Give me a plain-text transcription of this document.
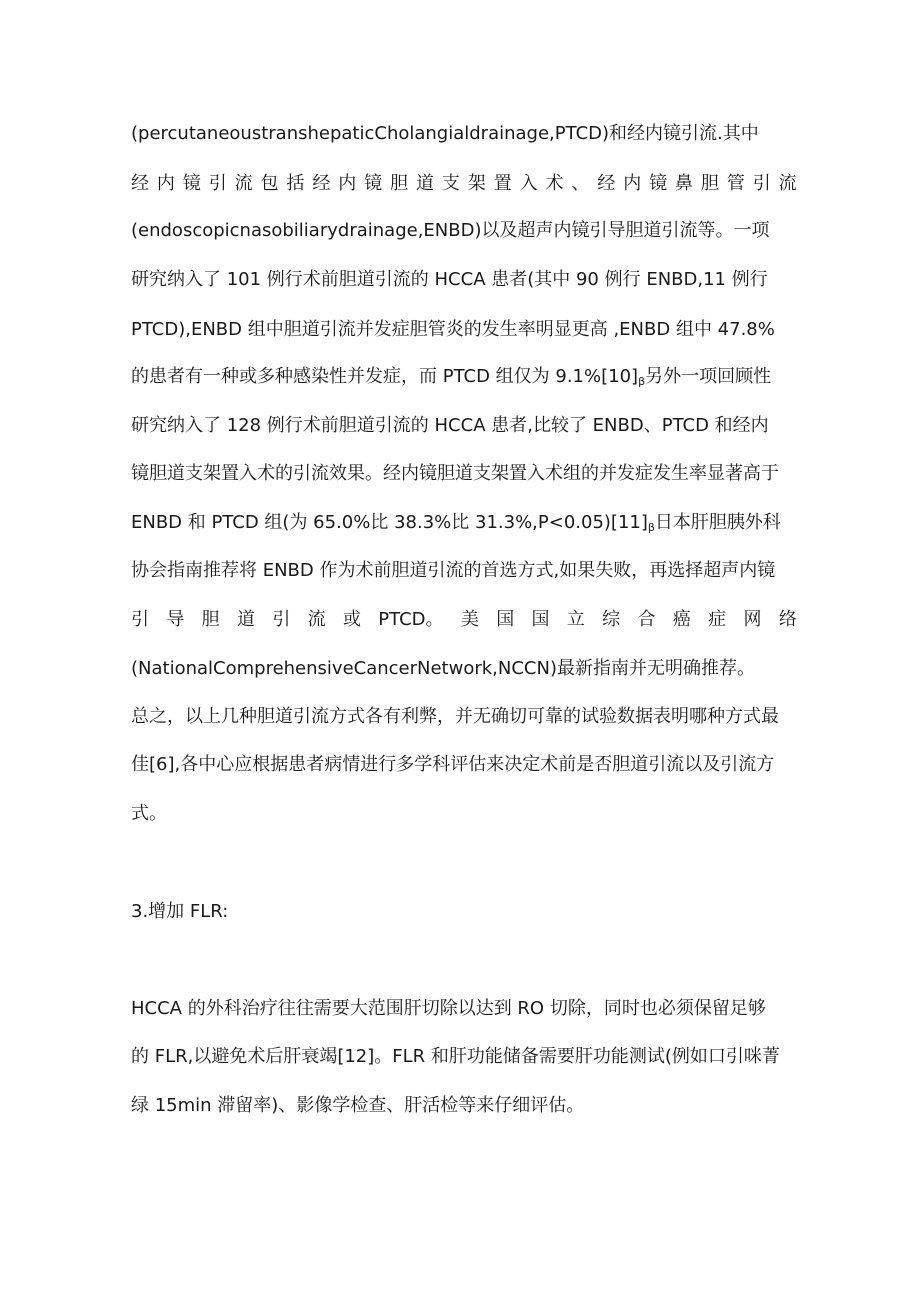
(percutaneoustranshepaticCholangialdrainage,PTCD)和经内镜引流.其中
经 内 镜 引 流 包 括 经 内 镜 胆 道 支 架 置 入 术 、 经 内 镜 鼻 胆 管 引 流
(endoscopicnasobiliarydrainage,ENBD)以及超声内镜引导胆道引流等。一项
研究纳入了 101 例行术前胆道引流的 HCCA 患者(其中 90 例行 ENBD,11 例行
PTCD),ENBD 组中胆道引流并发症胆管炎的发生率明显更高 ,ENBD 组中 47.8%
的患者有一种或多种感染性并发症，而 PTCD 组仅为 $9.1\%[10]_\beta$另外一项回顾性
研究纳入了 128 例行术前胆道引流的 HCCA 患者,比较了 ENBD、PTCD 和经内
镜胆道支架置入术的引流效果。经内镜胆道支架置入术组的并发症发生率显著高于
ENBD 和 PTCD 组(为 65.0%比 38.3%比 $31.3\%,P<0.05)[11]_\beta$日本肝胆胰外科
协会指南推荐将 ENBD 作为术前胆道引流的首选方式,如果失败，再选择超声内镜
引 导 胆 道 引 流 或 PTCD。 美 国 国 立 综 合 癌 症 网 络
(NationalComprehensiveCancerNetwork,NCCN)最新指南并无明确推荐。
总之，以上几种胆道引流方式各有利弊，并无确切可靠的试验数据表明哪种方式最
佳[6],各中心应根据患者病情进行多学科评估来决定术前是否胆道引流以及引流方
式。
3.增加 FLR:
HCCA 的外科治疗往往需要大范围肝切除以达到 RO 切除，同时也必须保留足够
的 FLR,以避免术后肝衰竭[12]。FLR 和肝功能储备需要肝功能测试(例如口引咪菁
绿 15min 滞留率)、影像学检查、肝活检等来仔细评估。
